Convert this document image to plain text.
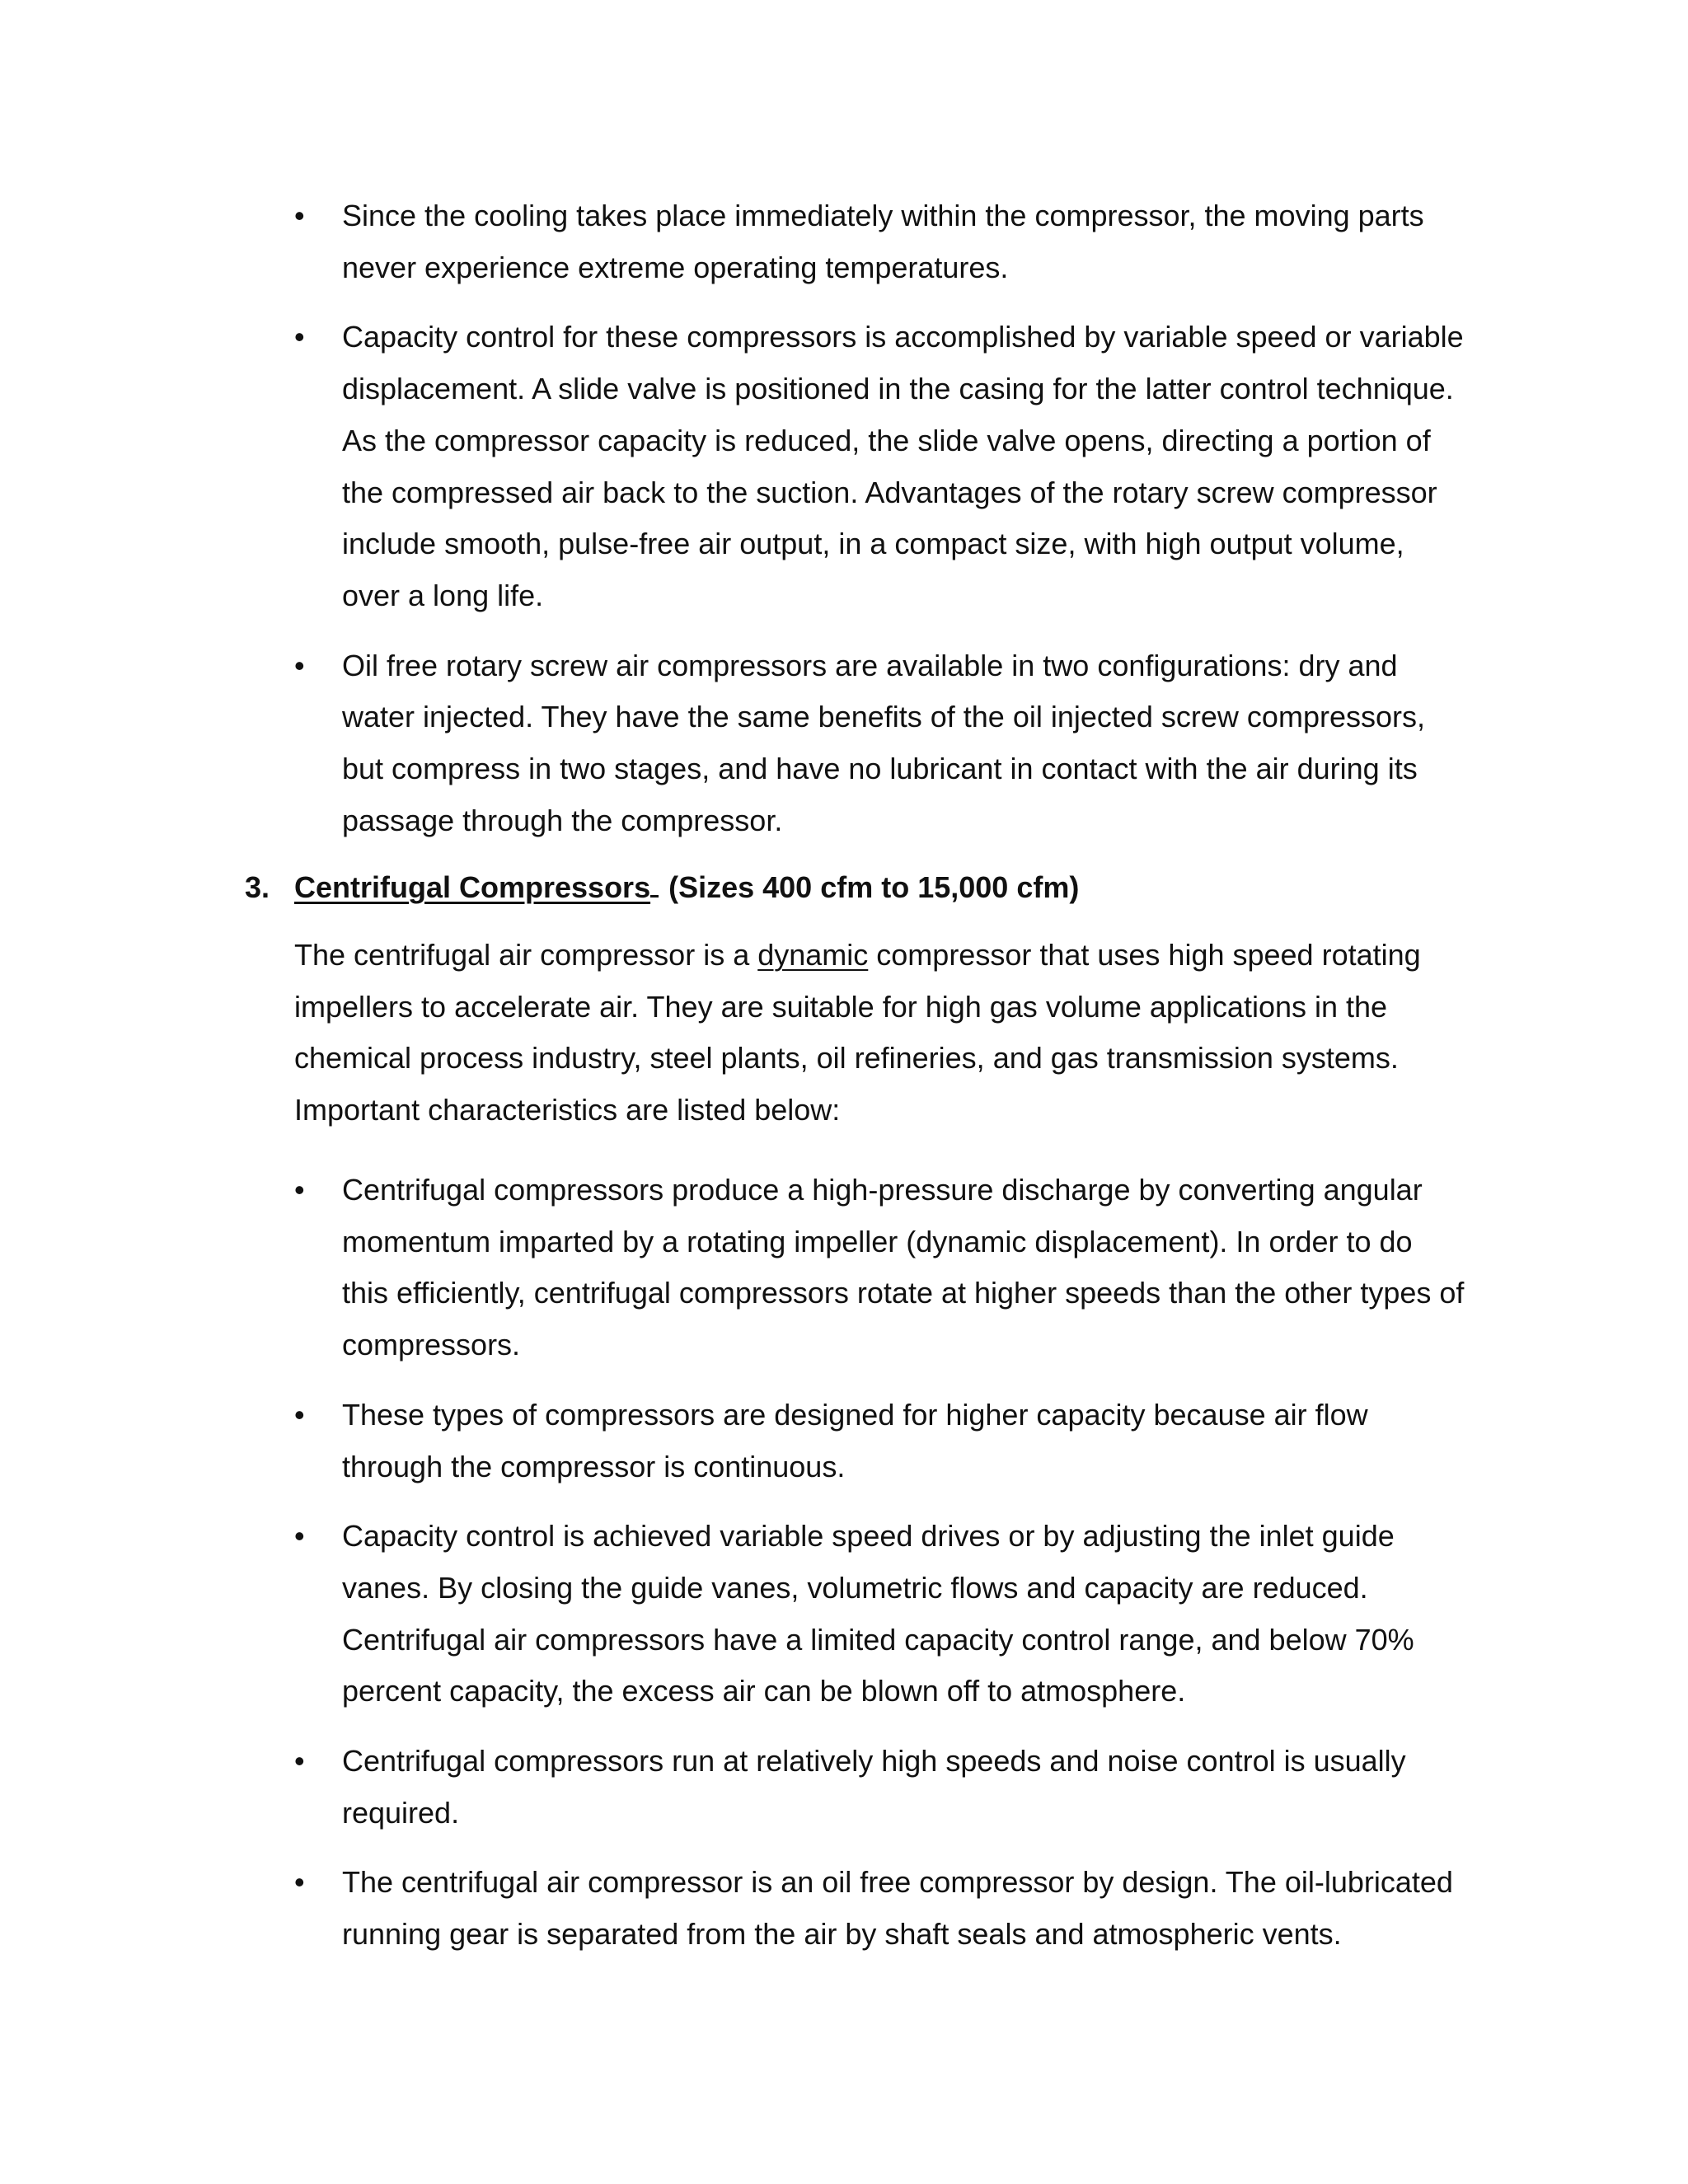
•	Since the cooling takes place immediately within the compressor, the moving parts never experience extreme operating temperatures.
•	Capacity control for these compressors is accomplished by variable speed or variable displacement. A slide valve is positioned in the casing for the latter control technique. As the compressor capacity is reduced, the slide valve opens, directing a portion of the compressed air back to the suction. Advantages of the rotary screw compressor include smooth, pulse-free air output, in a compact size, with high output volume, over a long life.
•	Oil free rotary screw air compressors are available in two configurations: dry and water injected. They have the same benefits of the oil injected screw compressors, but compress in two stages, and have no lubricant in contact with the air during its passage through the compressor.
3. Centrifugal Compressors (Sizes 400 cfm to 15,000 cfm)

The centrifugal air compressor is a dynamic compressor that uses high speed rotating impellers to accelerate air. They are suitable for high gas volume applications in the chemical process industry, steel plants, oil refineries, and gas transmission systems. Important characteristics are listed below:

•	Centrifugal compressors produce a high-pressure discharge by converting angular momentum imparted by a rotating impeller (dynamic displacement). In order to do this efficiently, centrifugal compressors rotate at higher speeds than the other types of compressors.
•	These types of compressors are designed for higher capacity because air flow through the compressor is continuous.
•	Capacity control is achieved variable speed drives or by adjusting the inlet guide vanes. By closing the guide vanes, volumetric flows and capacity are reduced. Centrifugal air compressors have a limited capacity control range, and below 70% percent capacity, the excess air can be blown off to atmosphere.
•	Centrifugal compressors run at relatively high speeds and noise control is usually required.
•	The centrifugal air compressor is an oil free compressor by design. The oil-lubricated running gear is separated from the air by shaft seals and atmospheric vents.
